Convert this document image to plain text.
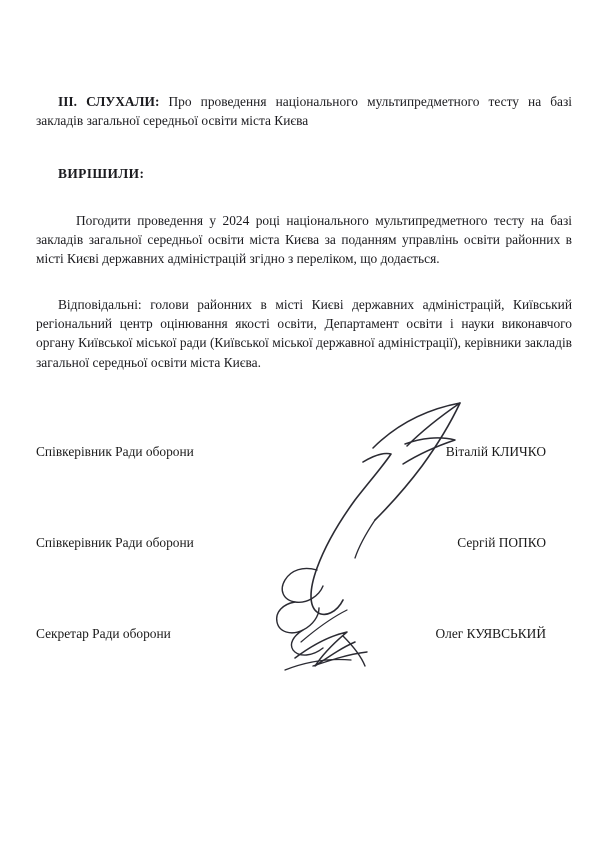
III. СЛУХАЛИ: Про проведення національного мультипредметного тесту на базі закладів загальної середньої освіти міста Києва

ВИРІШИЛИ:

Погодити проведення у 2024 році національного мультипредметного тесту на базі закладів загальної середньої освіти міста Києва за поданням управлінь освіти районних в місті Києві державних адміністрацій згідно з переліком, що додається.

Відповідальні: голови районних в місті Києві державних адміністрацій, Київський регіональний центр оцінювання якості освіти, Департамент освіти і науки виконавчого органу Київської міської ради (Київської міської державної адміністрації), керівники закладів загальної середньої освіти міста Києва.

Співкерівник Ради оборони	Віталій КЛИЧКО
Співкерівник Ради оборони	Сергій ПОПКО
Секретар Ради оборони	Олег КУЯВСЬКИЙ
